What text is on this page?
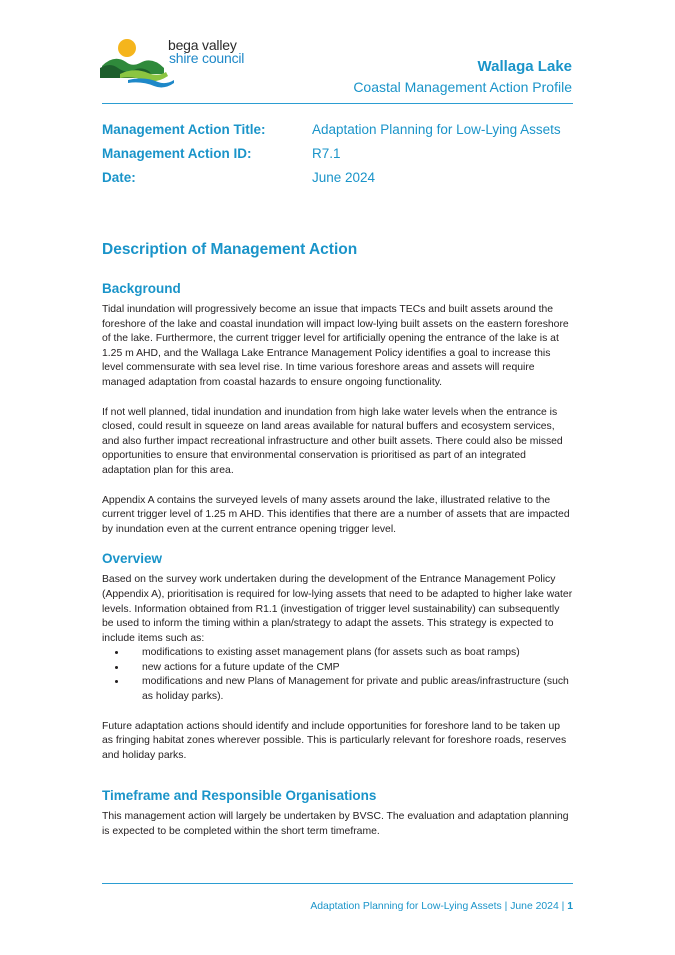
bega valley
shire council	Wallaga Lake
Coastal Management Action Profile
Management Action Title:	Adaptation Planning for Low-Lying Assets
Management Action ID:	R7.1
Date:	June 2024
Description of Management Action
Background

Tidal inundation will progressively become an issue that impacts TECs and built assets around the foreshore of the lake and coastal inundation will impact low-lying built assets on the eastern foreshore of the lake. Furthermore, the current trigger level for artificially opening the entrance of the lake is at 1.25 m AHD, and the Wallaga Lake Entrance Management Policy identifies a goal to increase this level commensurate with sea level rise. In time various foreshore areas and assets will require managed adaptation from coastal hazards to ensure ongoing functionality.

If not well planned, tidal inundation and inundation from high lake water levels when the entrance is closed, could result in squeeze on land areas available for natural buffers and ecosystem services, and also further impact recreational infrastructure and other built assets. There could also be missed opportunities to ensure that environmental conservation is prioritised as part of an integrated adaptation plan for this area.

Appendix A contains the surveyed levels of many assets around the lake, illustrated relative to the current trigger level of 1.25 m AHD. This identifies that there are a number of assets that are impacted by inundation even at the current entrance opening trigger level.

Overview

Based on the survey work undertaken during the development of the Entrance Management Policy (Appendix A), prioritisation is required for low-lying assets that need to be adapted to higher lake water levels. Information obtained from R1.1 (investigation of trigger level sustainability) can subsequently be used to inform the timing within a plan/strategy to adapt the assets. This strategy is expected to include items such as:

• modifications to existing asset management plans (for assets such as boat ramps)
• new actions for a future update of the CMP
• modifications and new Plans of Management for private and public areas/infrastructure (such as holiday parks).

Future adaptation actions should identify and include opportunities for foreshore land to be taken up as fringing habitat zones wherever possible. This is particularly relevant for foreshore roads, reserves and holiday parks.

Timeframe and Responsible Organisations

This management action will largely be undertaken by BVSC. The evaluation and adaptation planning is expected to be completed within the short term timeframe.

Adaptation Planning for Low-Lying Assets | June 2024 | 1
